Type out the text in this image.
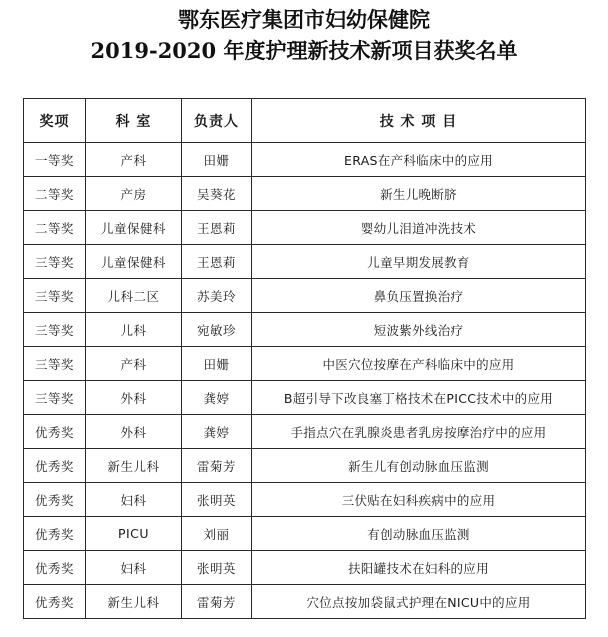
鄂东医疗集团市妇幼保健院
2019-2020 年度护理新技术新项目获奖名单
奖项	科 室	负责人	技 术 项 目
一等奖	产科	田姗	ERAS在产科临床中的应用
二等奖	产房	吴葵花	新生儿晚断脐
二等奖	儿童保健科	王恩莉	婴幼儿泪道冲洗技术
三等奖	儿童保健科	王恩莉	儿童早期发展教育
三等奖	儿科二区	苏美玲	鼻负压置换治疗
三等奖	儿科	宛敏珍	短波紫外线治疗
三等奖	产科	田姗	中医穴位按摩在产科临床中的应用
三等奖	外科	龚婷	B超引导下改良塞丁格技术在PICC技术中的应用
优秀奖	外科	龚婷	手指点穴在乳腺炎患者乳房按摩治疗中的应用
优秀奖	新生儿科	雷菊芳	新生儿有创动脉血压监测
优秀奖	妇科	张明英	三伏贴在妇科疾病中的应用
优秀奖	PICU	刘丽	有创动脉血压监测
优秀奖	妇科	张明英	扶阳罐技术在妇科的应用
优秀奖	新生儿科	雷菊芳	穴位点按加袋鼠式护理在NICU中的应用
